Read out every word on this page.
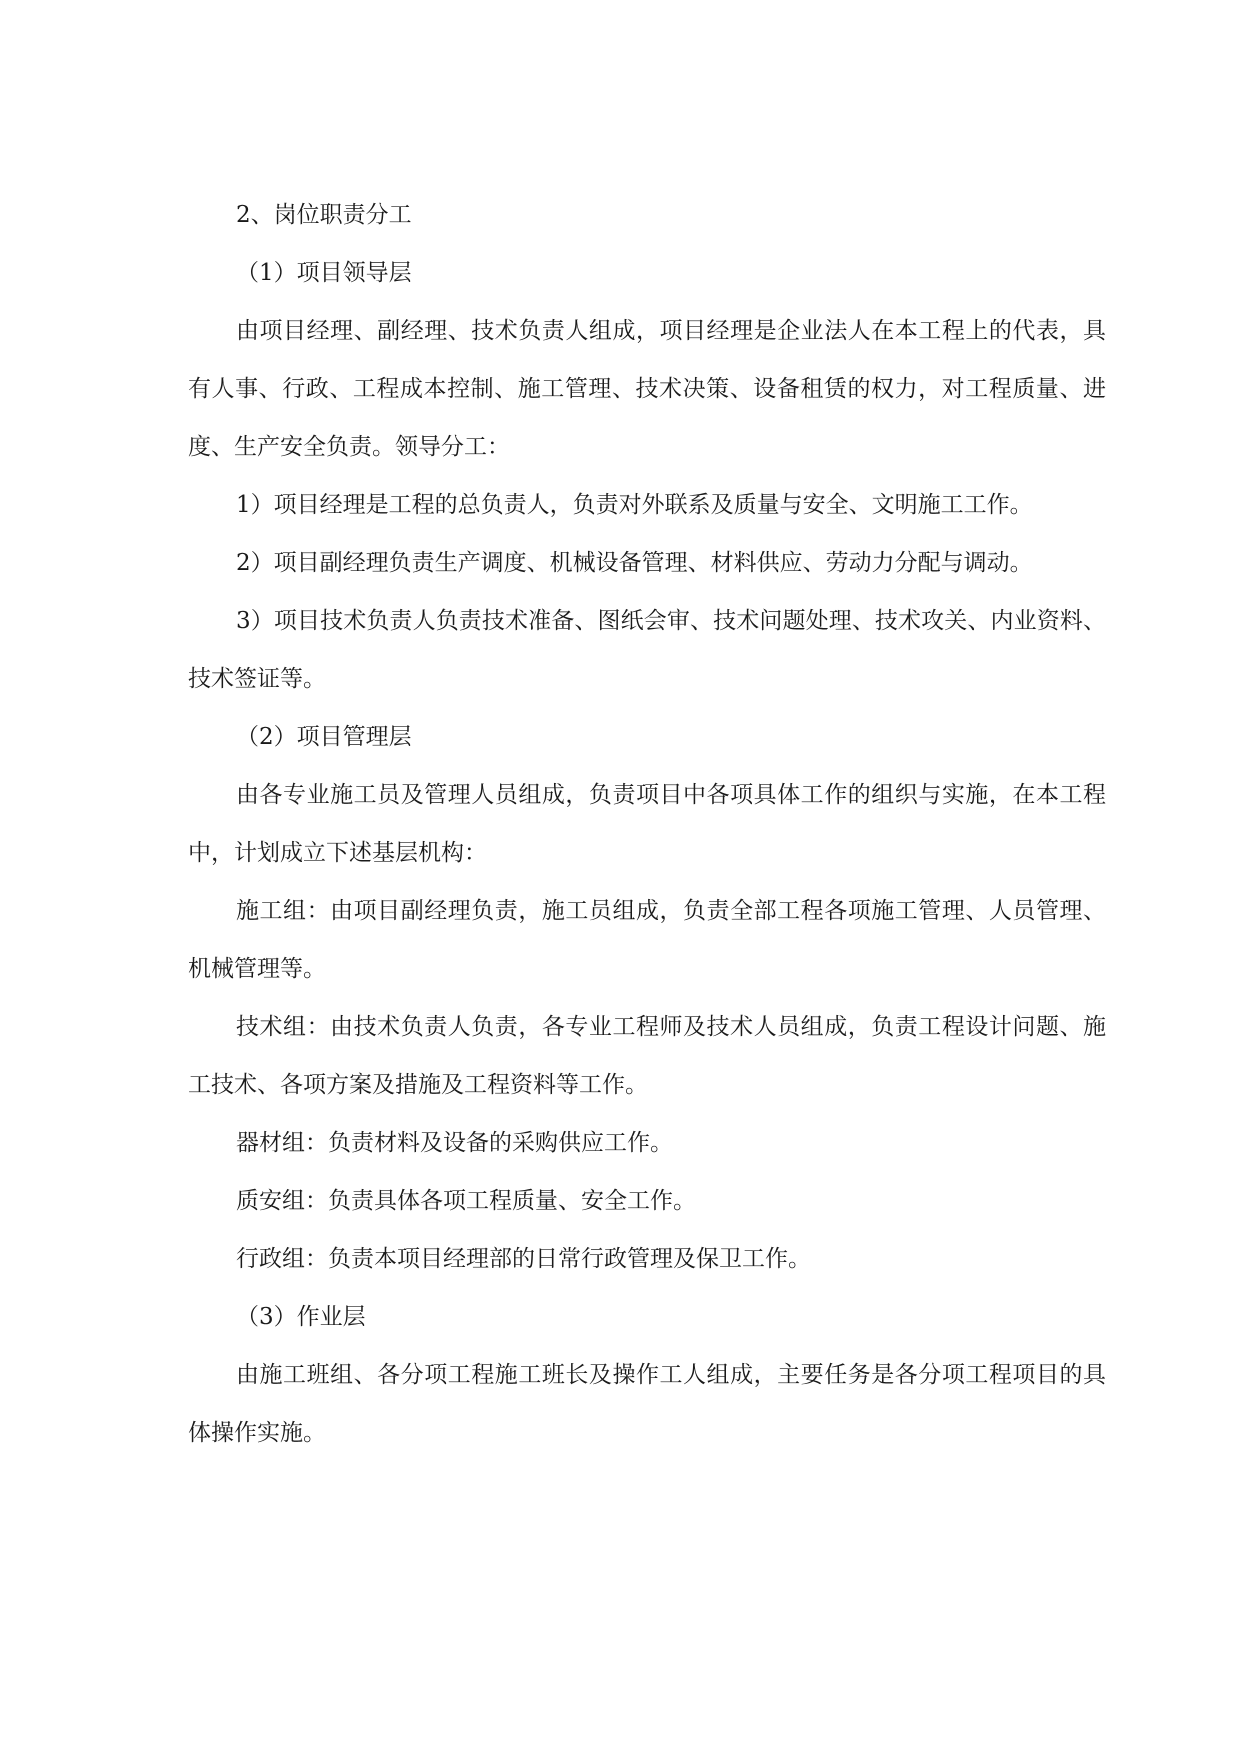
2、岗位职责分工

（1）项目领导层

由项目经理、副经理、技术负责人组成，项目经理是企业法人在本工程上的代表，具有人事、行政、工程成本控制、施工管理、技术决策、设备租赁的权力，对工程质量、进度、生产安全负责。领导分工：

1）项目经理是工程的总负责人，负责对外联系及质量与安全、文明施工工作。

2）项目副经理负责生产调度、机械设备管理、材料供应、劳动力分配与调动。

3）项目技术负责人负责技术准备、图纸会审、技术问题处理、技术攻关、内业资料、技术签证等。

（2）项目管理层

由各专业施工员及管理人员组成，负责项目中各项具体工作的组织与实施，在本工程中，计划成立下述基层机构：

施工组：由项目副经理负责，施工员组成，负责全部工程各项施工管理、人员管理、机械管理等。

技术组：由技术负责人负责，各专业工程师及技术人员组成，负责工程设计问题、施工技术、各项方案及措施及工程资料等工作。

器材组：负责材料及设备的采购供应工作。

质安组：负责具体各项工程质量、安全工作。

行政组：负责本项目经理部的日常行政管理及保卫工作。

（3）作业层

由施工班组、各分项工程施工班长及操作工人组成，主要任务是各分项工程项目的具体操作实施。
